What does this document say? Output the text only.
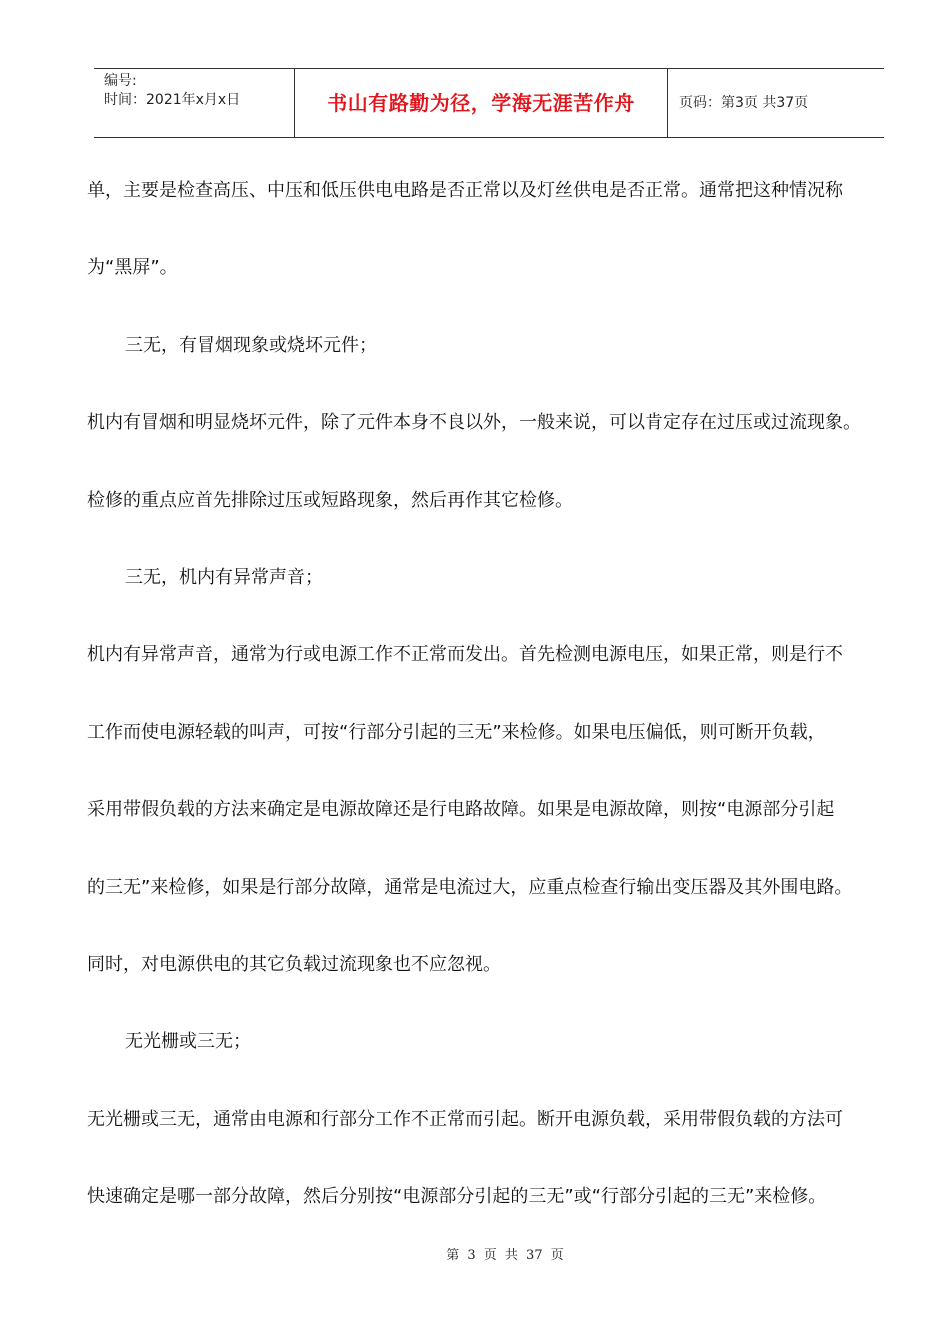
编号:
时间：2021年x月x日	书山有路勤为径，学海无涯苦作舟	页码：第3页 共37页
单，主要是检查高压、中压和低压供电电路是否正常以及灯丝供电是否正常。通常把这种情况称
为“黑屏”。
三无，有冒烟现象或烧坏元件；
机内有冒烟和明显烧坏元件，除了元件本身不良以外，一般来说，可以肯定存在过压或过流现象。
检修的重点应首先排除过压或短路现象，然后再作其它检修。
三无，机内有异常声音；
机内有异常声音，通常为行或电源工作不正常而发出。首先检测电源电压，如果正常，则是行不
工作而使电源轻载的叫声，可按“行部分引起的三无”来检修。如果电压偏低，则可断开负载，
采用带假负载的方法来确定是电源故障还是行电路故障。如果是电源故障，则按“电源部分引起
的三无”来检修，如果是行部分故障，通常是电流过大，应重点检查行输出变压器及其外围电路。
同时，对电源供电的其它负载过流现象也不应忽视。
无光栅或三无；
无光栅或三无，通常由电源和行部分工作不正常而引起。断开电源负载，采用带假负载的方法可
快速确定是哪一部分故障，然后分别按“电源部分引起的三无”或“行部分引起的三无”来检修。
第 3 页 共 37 页
